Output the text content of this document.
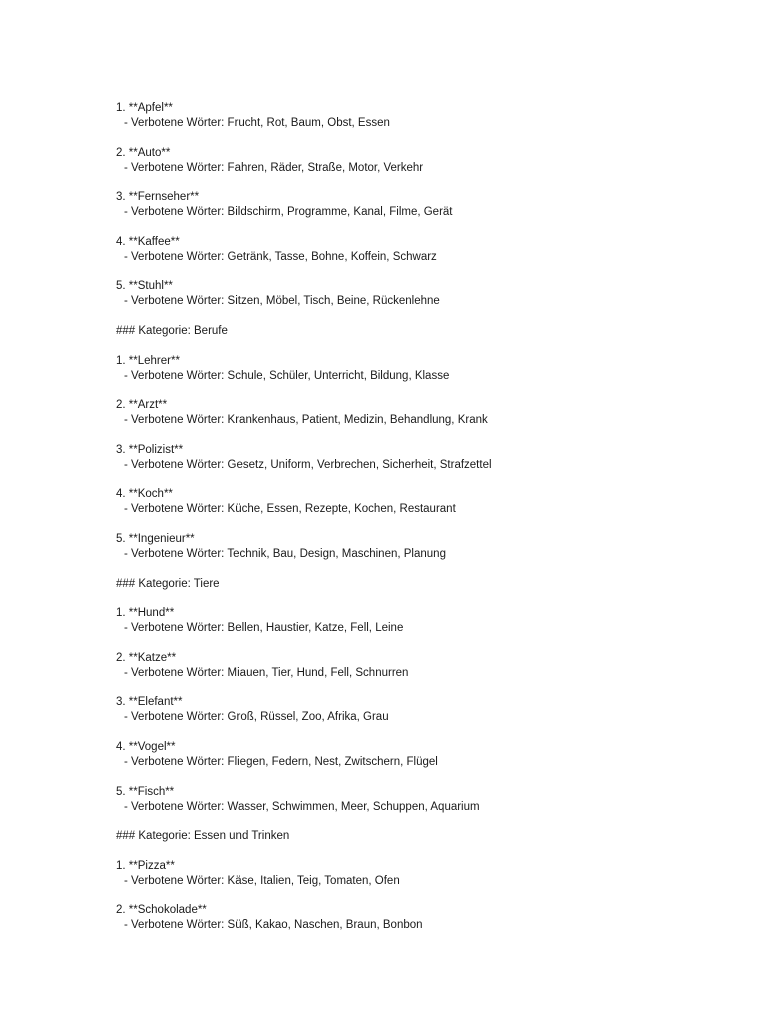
1. **Apfel**

- Verbotene Wörter: Frucht, Rot, Baum, Obst, Essen

2. **Auto**

- Verbotene Wörter: Fahren, Räder, Straße, Motor, Verkehr

3. **Fernseher**

- Verbotene Wörter: Bildschirm, Programme, Kanal, Filme, Gerät

4. **Kaffee**

- Verbotene Wörter: Getränk, Tasse, Bohne, Koffein, Schwarz

5. **Stuhl**

- Verbotene Wörter: Sitzen, Möbel, Tisch, Beine, Rückenlehne

### Kategorie: Berufe

1. **Lehrer**

- Verbotene Wörter: Schule, Schüler, Unterricht, Bildung, Klasse

2. **Arzt**

- Verbotene Wörter: Krankenhaus, Patient, Medizin, Behandlung, Krank

3. **Polizist**

- Verbotene Wörter: Gesetz, Uniform, Verbrechen, Sicherheit, Strafzettel

4. **Koch**

- Verbotene Wörter: Küche, Essen, Rezepte, Kochen, Restaurant

5. **Ingenieur**

- Verbotene Wörter: Technik, Bau, Design, Maschinen, Planung

### Kategorie: Tiere

1. **Hund**

- Verbotene Wörter: Bellen, Haustier, Katze, Fell, Leine

2. **Katze**

- Verbotene Wörter: Miauen, Tier, Hund, Fell, Schnurren

3. **Elefant**

- Verbotene Wörter: Groß, Rüssel, Zoo, Afrika, Grau

4. **Vogel**

- Verbotene Wörter: Fliegen, Federn, Nest, Zwitschern, Flügel

5. **Fisch**

- Verbotene Wörter: Wasser, Schwimmen, Meer, Schuppen, Aquarium

### Kategorie: Essen und Trinken

1. **Pizza**

- Verbotene Wörter: Käse, Italien, Teig, Tomaten, Ofen

2. **Schokolade**

- Verbotene Wörter: Süß, Kakao, Naschen, Braun, Bonbon
